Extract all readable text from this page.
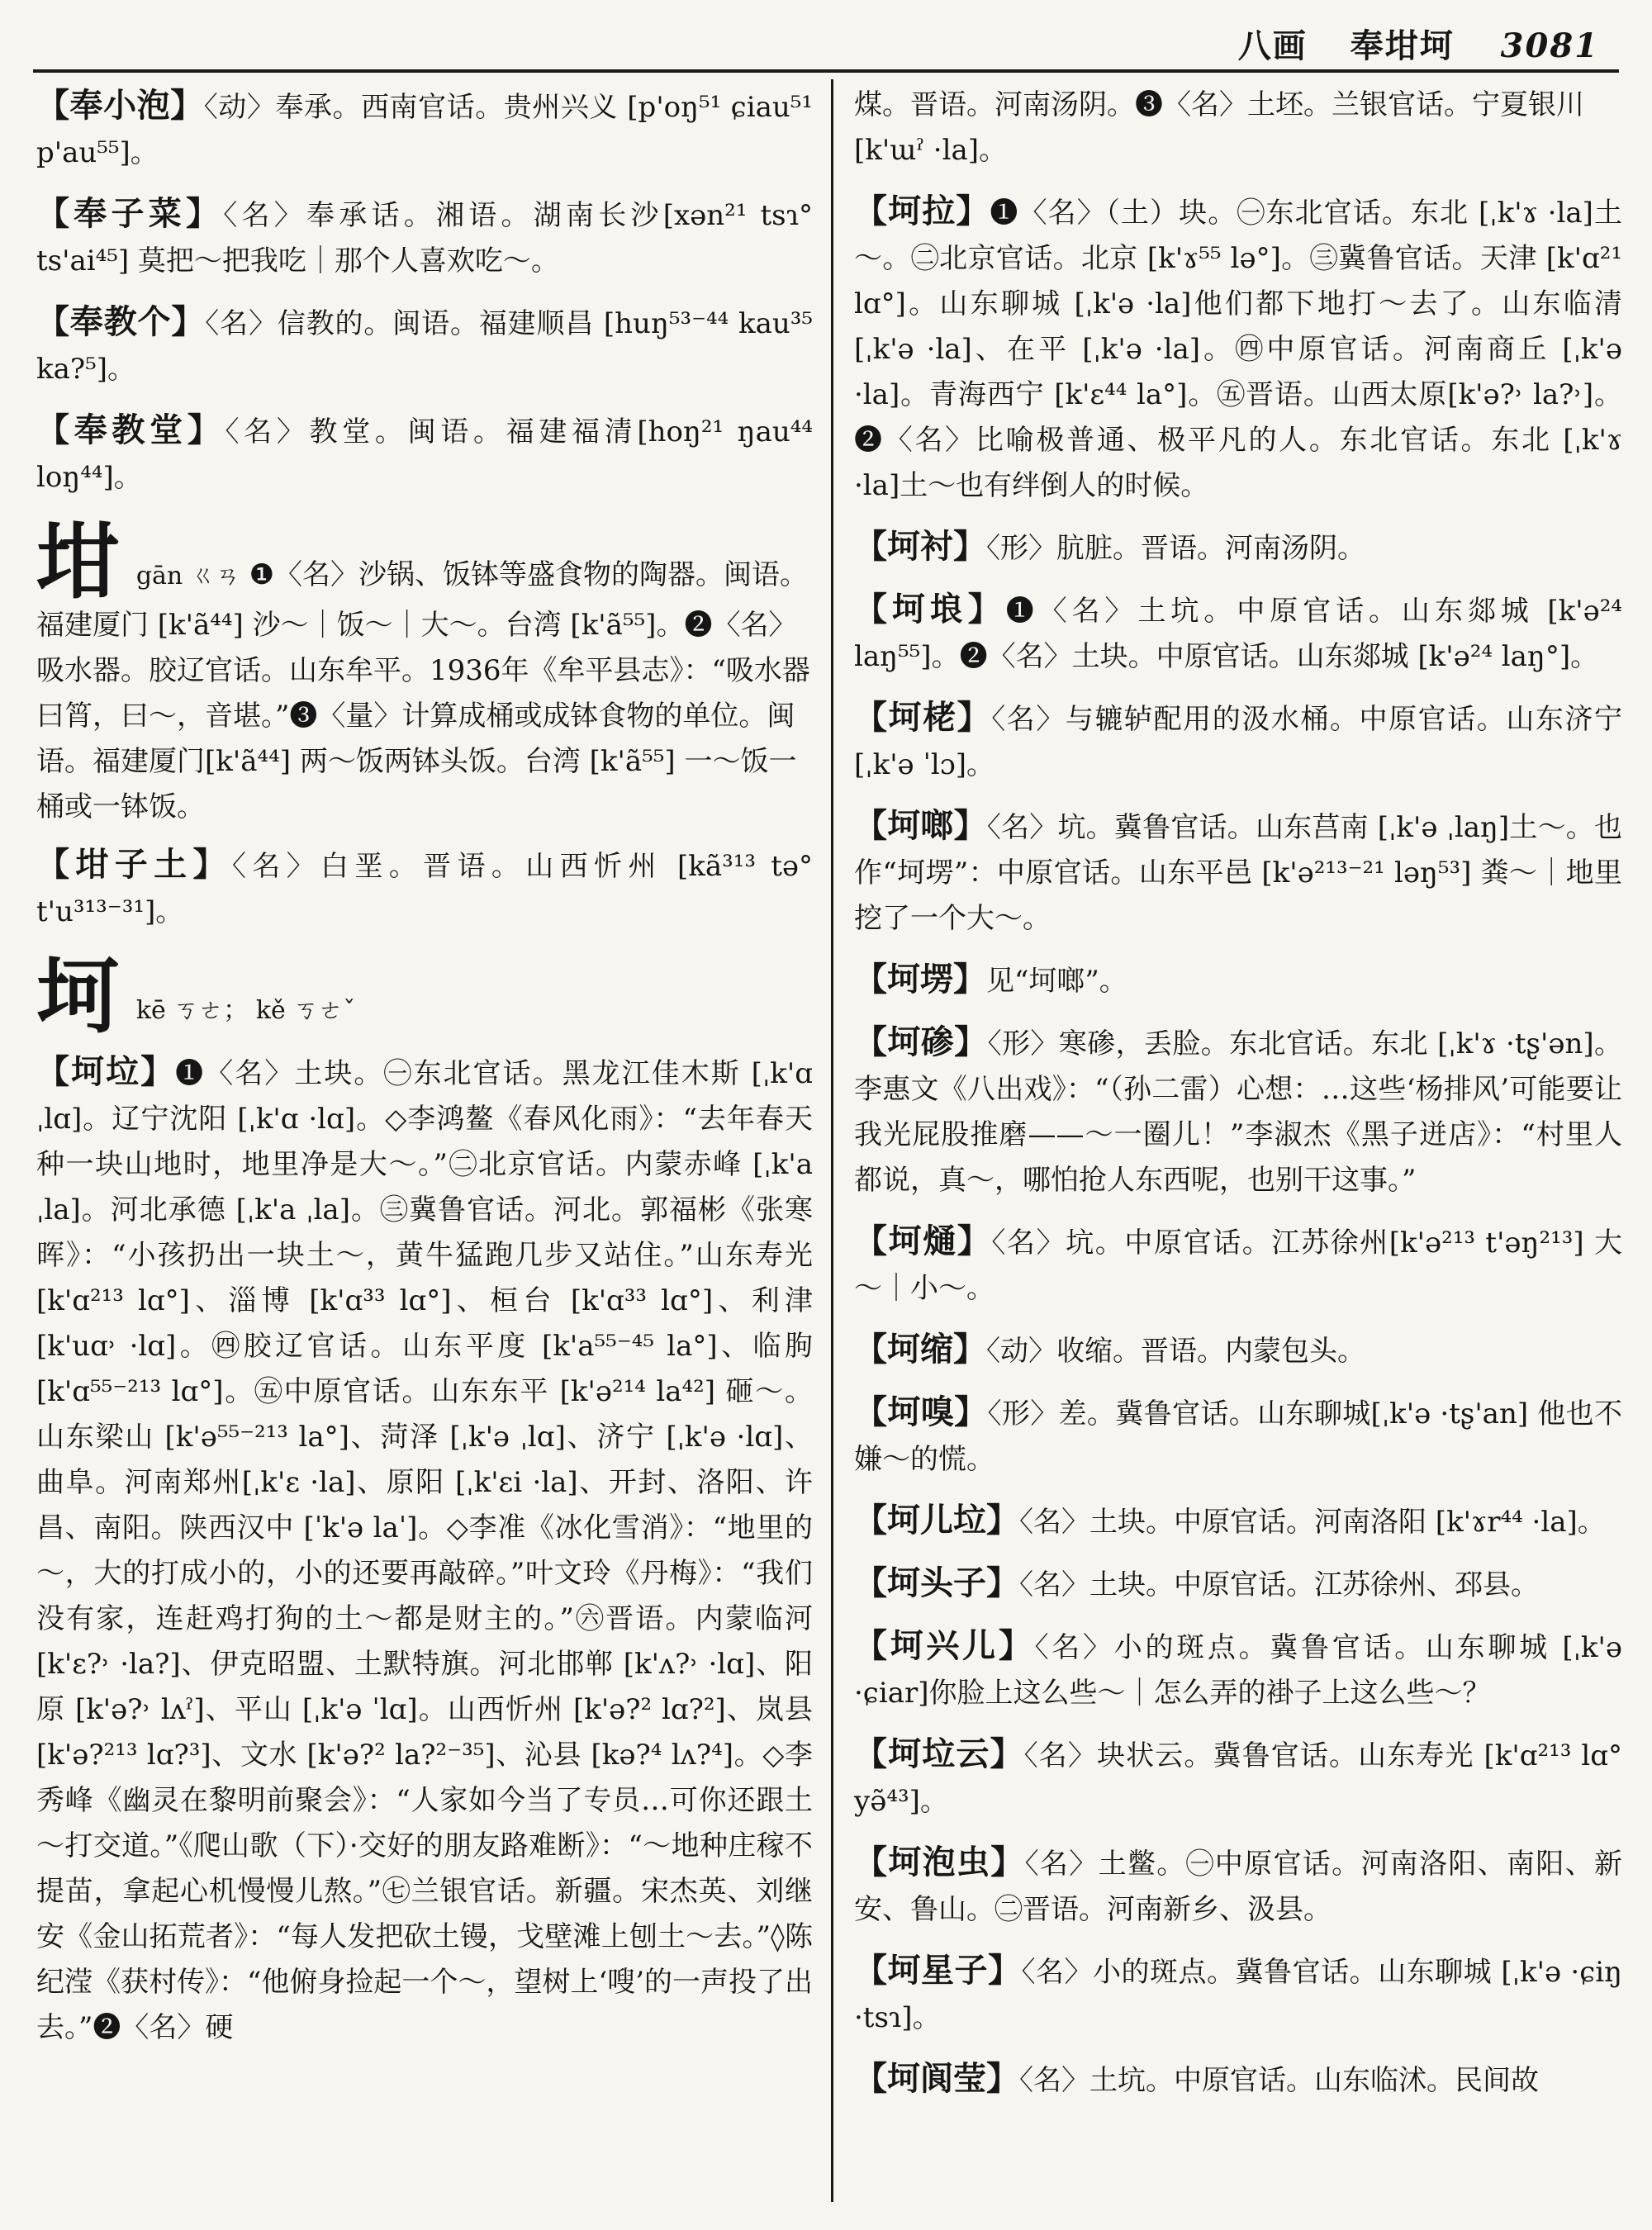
八画 奉坩坷 3081
【奉小泡】〈动〉奉承。西南官话。贵州兴义 [p'oŋ⁵¹ ɕiau⁵¹ p'au⁵⁵]。
【奉子菜】〈名〉奉承话。湘语。湖南长沙[xən²¹ tsɿ° ts'ai⁴⁵] 莫把～把我吃｜那个人喜欢吃～。
【奉教个】〈名〉信教的。闽语。福建顺昌 [huŋ⁵³⁻⁴⁴ kau³⁵ ka?⁵]。
【奉教堂】〈名〉教堂。闽语。福建福清[hoŋ²¹ ŋau⁴⁴ loŋ⁴⁴]。
坩 gān ㄍㄢ ❶〈名〉沙锅、饭钵等盛食物的陶器。闽语。福建厦门 [k'ã⁴⁴] 沙～｜饭～｜大～。台湾 [k'ã⁵⁵]。❷〈名〉吸水器。胶辽官话。山东牟平。1936年《牟平县志》：“吸水器曰筲，曰～，音堪。”❸〈量〉计算成桶或成钵食物的单位。闽语。福建厦门[k'ã⁴⁴] 两～饭两钵头饭。台湾 [k'ã⁵⁵] 一～饭一桶或一钵饭。
【坩子土】〈名〉白垩。晋语。山西忻州 [kã³¹³ tə° t'u³¹³⁻³¹]。
坷 kē ㄎㄜ； kě ㄎㄜˇ
【坷垃】❶〈名〉土块。㊀东北官话。黑龙江佳木斯 [ˌk'ɑ ˌlɑ]。辽宁沈阳 [ˌk'ɑ ·lɑ]。◇李鸿鳌《春风化雨》：“去年春天种一块山地时，地里净是大～。”㊁北京官话。内蒙赤峰 [ˌk'a ˌla]。河北承德 [ˌk'a ˌla]。㊂冀鲁官话。河北。郭福彬《张寒晖》：“小孩扔出一块土～，黄牛猛跑几步又站住。”山东寿光[k'ɑ²¹³ lɑ°]、淄博 [k'ɑ³³ lɑ°]、桓台 [k'ɑ³³ lɑ°]、利津 [k'uɑ˒ ·lɑ]。㊃胶辽官话。山东平度 [k'a⁵⁵⁻⁴⁵ la°]、临朐[k'ɑ⁵⁵⁻²¹³ lɑ°]。㊄中原官话。山东东平 [k'ə²¹⁴ la⁴²] 砸～。山东梁山 [k'ə⁵⁵⁻²¹³ la°]、菏泽 [ˌk'ə ˌlɑ]、济宁 [ˌk'ə ·lɑ]、曲阜。河南郑州[ˌk'ɛ ·la]、原阳 [ˌk'ɛi ·la]、开封、洛阳、许昌、南阳。陕西汉中 [ˈk'ə laˈ]。◇李准《冰化雪消》：“地里的～，大的打成小的，小的还要再敲碎。”叶文玲《丹梅》：“我们没有家，连赶鸡打狗的土～都是财主的。”㊅晋语。内蒙临河 [k'ɛ?˒ ·la?]、伊克昭盟、土默特旗。河北邯郸 [k'ʌ?˒ ·lɑ]、阳原 [k'ə?˒ lʌˀ]、平山 [ˌk'ə ˈlɑ]。山西忻州 [k'ə?² lɑ?²]、岚县 [k'ə?²¹³ lɑ?³]、文水 [k'ə?² la?²⁻³⁵]、沁县 [kə?⁴ lʌ?⁴]。◇李秀峰《幽灵在黎明前聚会》：“人家如今当了专员…可你还跟土～打交道。”《爬山歌（下）·交好的朋友路难断》：“～地种庄稼不提苗，拿起心机慢慢儿熬。”㊆兰银官话。新疆。宋杰英、刘继安《金山拓荒者》：“每人发把砍土镘，戈壁滩上刨土～去。”◊陈纪滢《获村传》：“他俯身捡起一个～，望树上‘嗖’的一声投了出去。”❷〈名〉硬
煤。晋语。河南汤阴。❸〈名〉土坯。兰银官话。宁夏银川 [k'ɯˀ ·la]。
【坷拉】❶〈名〉（土）块。㊀东北官话。东北 [ˌk'ɤ ·la]土～。㊁北京官话。北京 [k'ɤ⁵⁵ lə°]。㊂冀鲁官话。天津 [k'ɑ²¹ lɑ°]。山东聊城 [ˌk'ə ·la]他们都下地打～去了。山东临清[ˌk'ə ·la]、在平 [ˌk'ə ·la]。㊃中原官话。河南商丘 [ˌk'ə ·la]。青海西宁 [k'ɛ⁴⁴ la°]。㊄晋语。山西太原[k'ə?˒ la?˒]。❷〈名〉比喻极普通、极平凡的人。东北官话。东北 [ˌk'ɤ ·la]土～也有绊倒人的时候。
【坷衬】〈形〉肮脏。晋语。河南汤阴。
【坷埌】❶〈名〉土坑。中原官话。山东郯城 [k'ə²⁴ laŋ⁵⁵]。❷〈名〉土块。中原官话。山东郯城 [k'ə²⁴ laŋ°]。
【坷栳】〈名〉与辘轳配用的汲水桶。中原官话。山东济宁 [ˌk'ə ˈlɔ]。
【坷啷】〈名〉坑。冀鲁官话。山东莒南 [ˌk'ə ˌlaŋ]土～。也作“坷塄”：中原官话。山东平邑 [k'ə²¹³⁻²¹ ləŋ⁵³] 粪～｜地里挖了一个大～。
【坷塄】见“坷啷”。
【坷碜】〈形〉寒碜，丢脸。东北官话。东北 [ˌk'ɤ ·tʂ'ən]。李惠文《八出戏》：“（孙二雷）心想：…这些‘杨排风’可能要让我光屁股推磨——～一圈儿！”李淑杰《黑子迸店》：“村里人都说，真～，哪怕抢人东西呢，也别干这事。”
【坷熥】〈名〉坑。中原官话。江苏徐州[k'ə²¹³ t'əŋ²¹³] 大～｜小～。
【坷缩】〈动〉收缩。晋语。内蒙包头。
【坷嗅】〈形〉差。冀鲁官话。山东聊城[ˌk'ə ·tʂ'an] 他也不嫌～的慌。
【坷儿垃】〈名〉土块。中原官话。河南洛阳 [k'ɤr⁴⁴ ·la]。
【坷头子】〈名〉土块。中原官话。江苏徐州、邳县。
【坷兴儿】〈名〉小的斑点。冀鲁官话。山东聊城 [ˌk'ə ·ɕiar]你脸上这么些～｜怎么弄的褂子上这么些～？
【坷垃云】〈名〉块状云。冀鲁官话。山东寿光 [k'ɑ²¹³ lɑ° yə̃⁴³]。
【坷泡虫】〈名〉土鳖。㊀中原官话。河南洛阳、南阳、新安、鲁山。㊁晋语。河南新乡、汲县。
【坷星子】〈名〉小的斑点。冀鲁官话。山东聊城 [ˌk'ə ·ɕiŋ ·tsɿ]。
【坷阆莹】〈名〉土坑。中原官话。山东临沭。民间故
